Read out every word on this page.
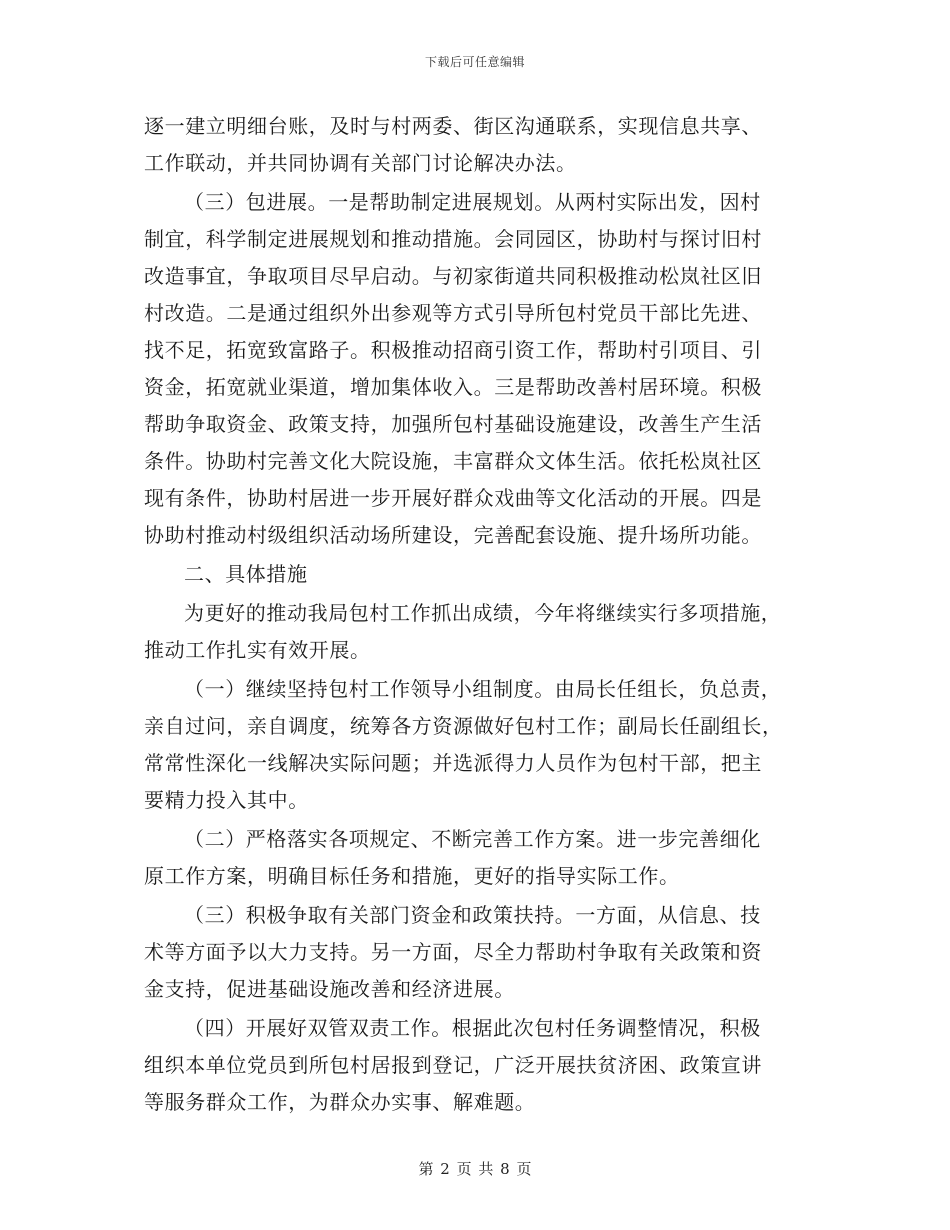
下载后可任意编辑
逐一建立明细台账，及时与村两委、街区沟通联系，实现信息共享、
工作联动，并共同协调有关部门讨论解决办法。
（三）包进展。一是帮助制定进展规划。从两村实际出发，因村
制宜，科学制定进展规划和推动措施。会同园区，协助村与探讨旧村
改造事宜，争取项目尽早启动。与初家街道共同积极推动松岚社区旧
村改造。二是通过组织外出参观等方式引导所包村党员干部比先进、
找不足，拓宽致富路子。积极推动招商引资工作，帮助村引项目、引
资金，拓宽就业渠道，增加集体收入。三是帮助改善村居环境。积极
帮助争取资金、政策支持，加强所包村基础设施建设，改善生产生活
条件。协助村完善文化大院设施，丰富群众文体生活。依托松岚社区
现有条件，协助村居进一步开展好群众戏曲等文化活动的开展。四是
协助村推动村级组织活动场所建设，完善配套设施、提升场所功能。
二、具体措施
为更好的推动我局包村工作抓出成绩，今年将继续实行多项措施，
推动工作扎实有效开展。
（一）继续坚持包村工作领导小组制度。由局长任组长，负总责，
亲自过问，亲自调度，统筹各方资源做好包村工作；副局长任副组长，
常常性深化一线解决实际问题；并选派得力人员作为包村干部，把主
要精力投入其中。
（二）严格落实各项规定、不断完善工作方案。进一步完善细化
原工作方案，明确目标任务和措施，更好的指导实际工作。
（三）积极争取有关部门资金和政策扶持。一方面，从信息、技
术等方面予以大力支持。另一方面，尽全力帮助村争取有关政策和资
金支持，促进基础设施改善和经济进展。
（四）开展好双管双责工作。根据此次包村任务调整情况，积极
组织本单位党员到所包村居报到登记，广泛开展扶贫济困、政策宣讲
等服务群众工作，为群众办实事、解难题。
第 2 页 共 8 页
